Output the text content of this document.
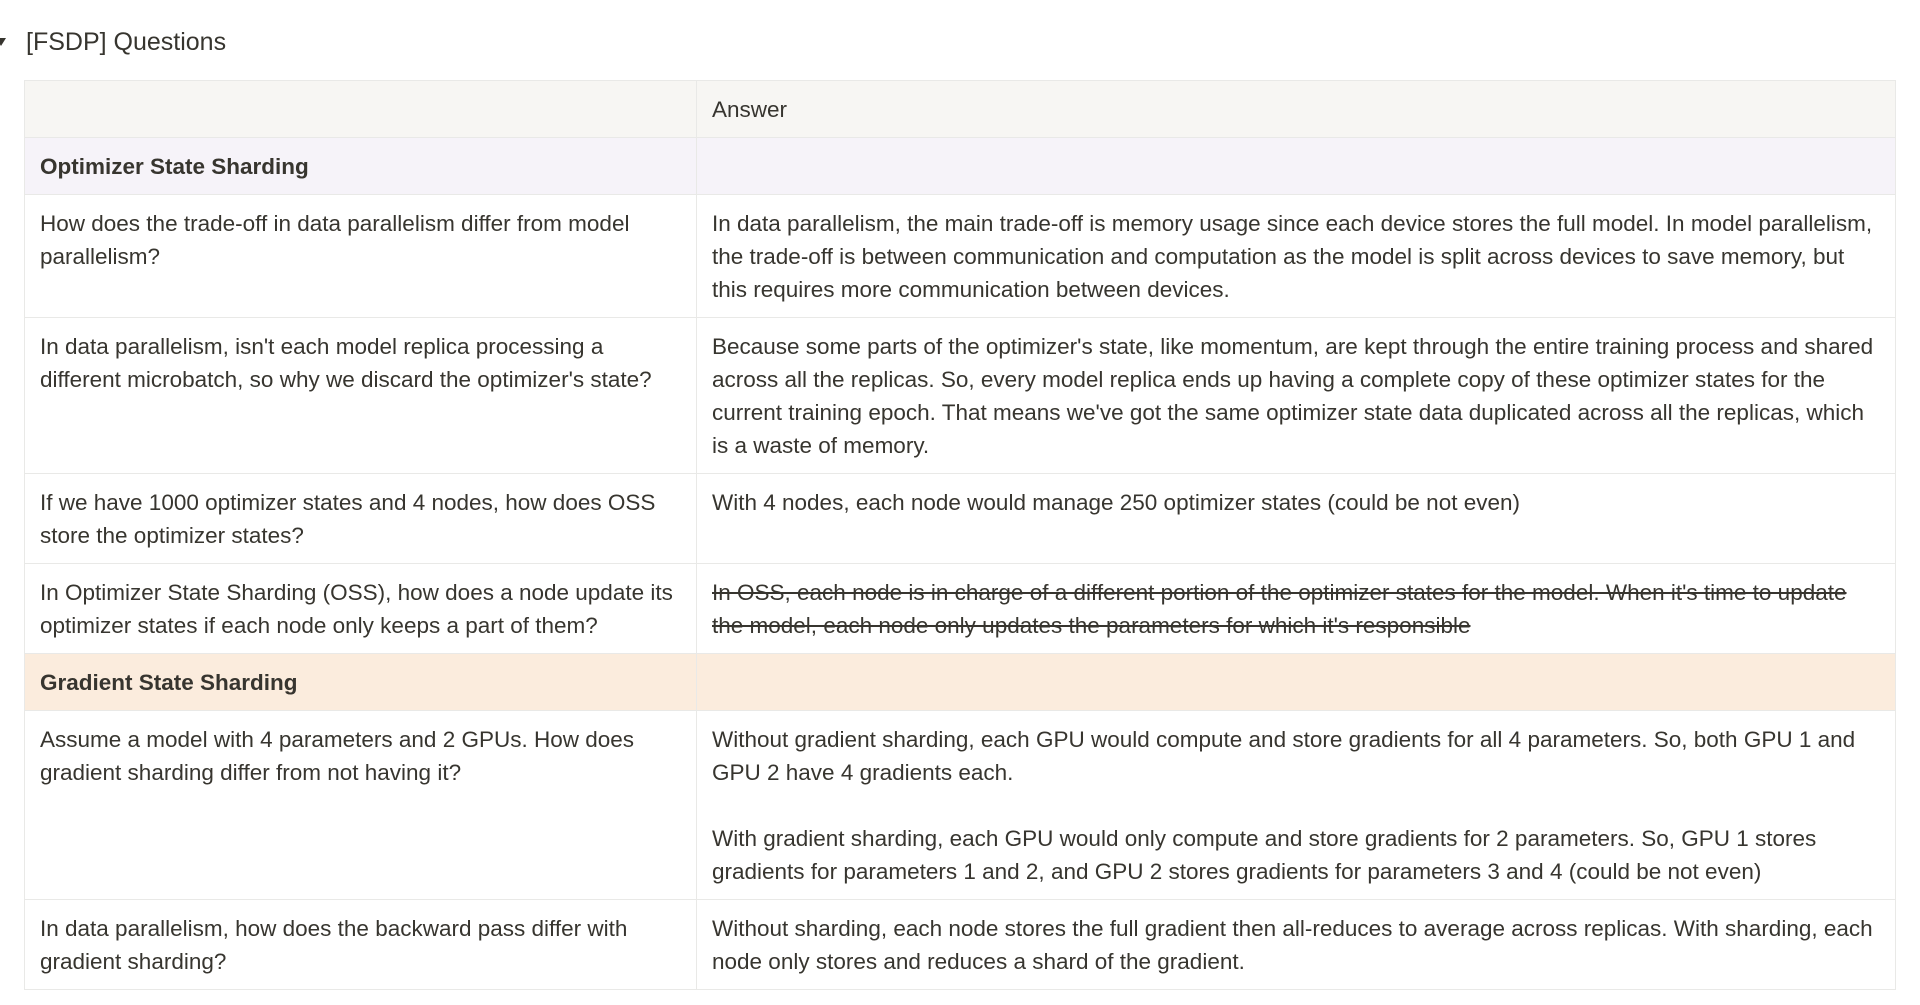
[FSDP] Questions
	Answer
Optimizer State Sharding	
How does the trade-off in data parallelism differ from model parallelism?	In data parallelism, the main trade-off is memory usage since each device stores the full model. In model parallelism, the trade-off is between communication and computation as the model is split across devices to save memory, but this requires more communication between devices.

In data parallelism, isn't each model replica processing a different microbatch, so why we discard the optimizer's state?	Because some parts of the optimizer's state, like momentum, are kept through the entire training process and shared across all the replicas. So, every model replica ends up having a complete copy of these optimizer states for the current training epoch. That means we've got the same optimizer state data duplicated across all the replicas, which is a waste of memory.

If we have 1000 optimizer states and 4 nodes, how does OSS store the optimizer states?	With 4 nodes, each node would manage 250 optimizer states (could be not even)

In Optimizer State Sharding (OSS), how does a node update its optimizer states if each node only keeps a part of them?	In OSS, each node is in charge of a different portion of the optimizer states for the model. When it's time to update the model, each node only updates the parameters for which it's responsible

Gradient State Sharding	
Assume a model with 4 parameters and 2 GPUs. How does gradient sharding differ from not having it?	Without gradient sharding, each GPU would compute and store gradients for all 4 parameters. So, both GPU 1 and GPU 2 have 4 gradients each.
With gradient sharding, each GPU would only compute and store gradients for 2 parameters. So, GPU 1 stores gradients for parameters 1 and 2, and GPU 2 stores gradients for parameters 3 and 4 (could be not even)

In data parallelism, how does the backward pass differ with gradient sharding?	Without sharding, each node stores the full gradient then all-reduces to average across replicas. With sharding, each node only stores and reduces a shard of the gradient.
